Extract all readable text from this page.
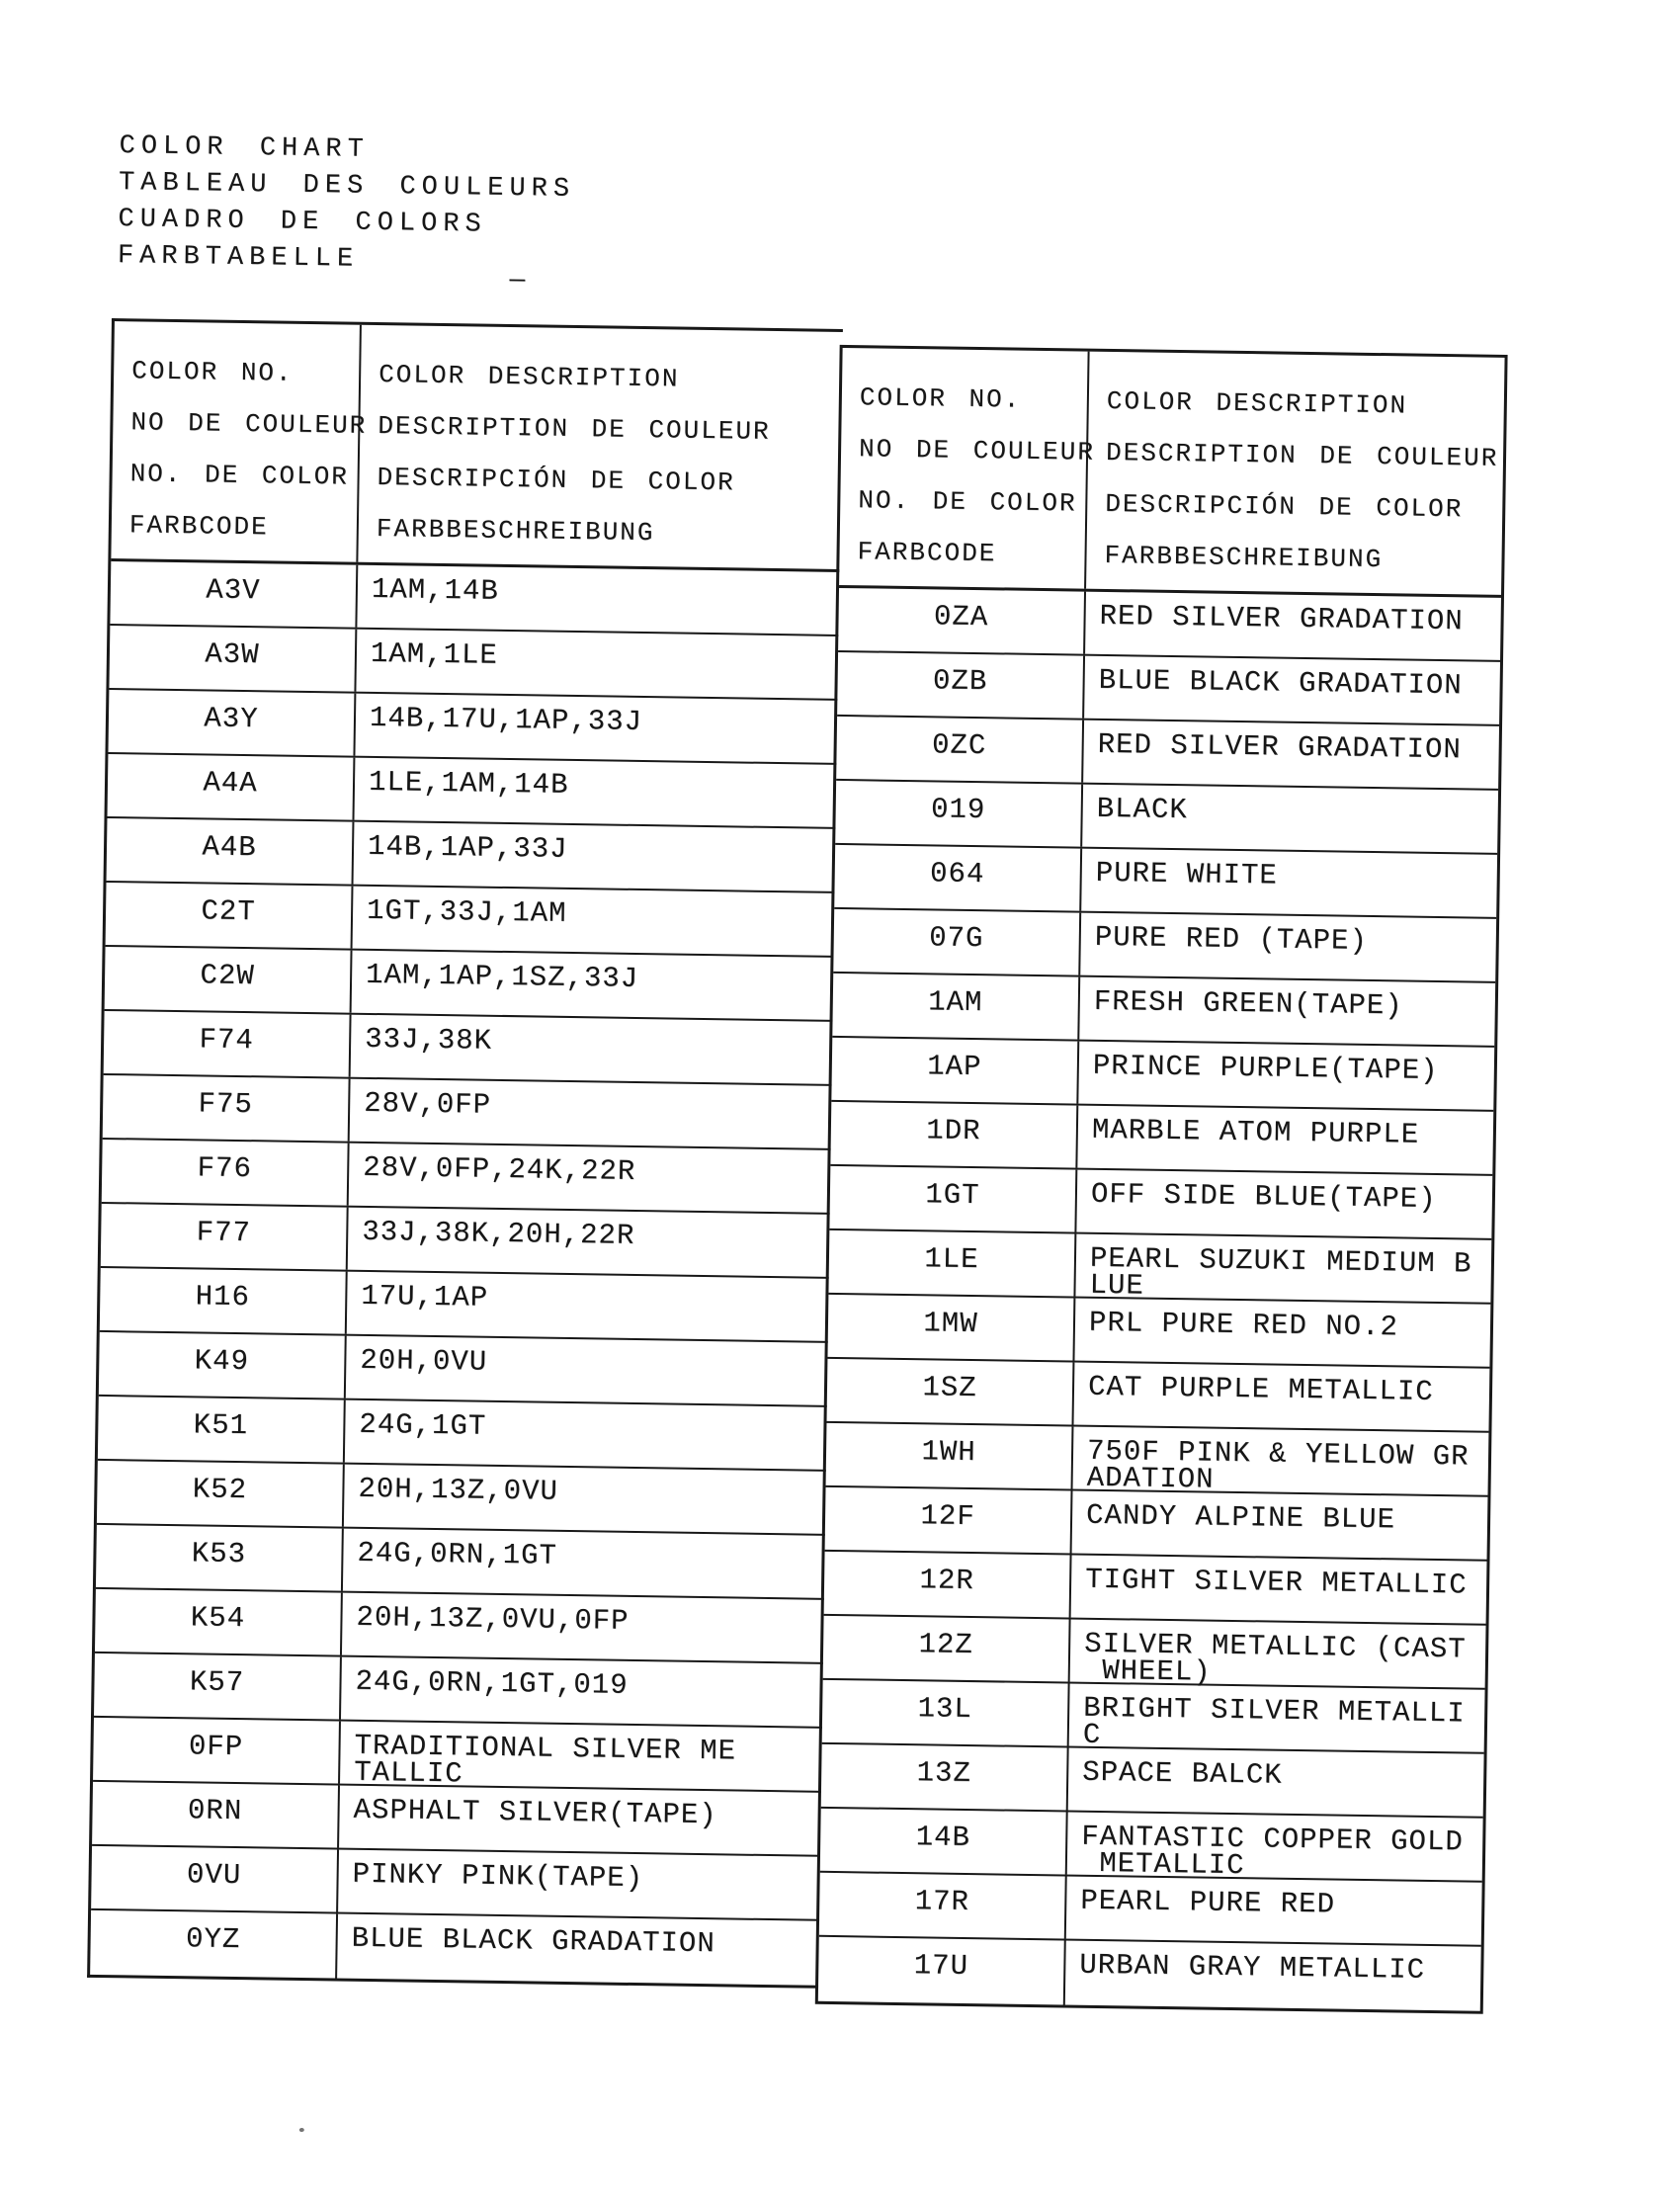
COLOR CHART
TABLEAU DES COULEURS
CUADRO DE COLORS
FARBTABELLE
—
COLOR NO.
NO DE COULEUR
NO. DE COLOR
FARBCODE
COLOR DESCRIPTION
DESCRIPTION DE COULEUR
DESCRIPCIÓN DE COLOR
FARBBESCHREIBUNG
A3V	1AM,14B
A3W	1AM,1LE
A3Y	14B,17U,1AP,33J
A4A	1LE,1AM,14B
A4B	14B,1AP,33J
C2T	1GT,33J,1AM
C2W	1AM,1AP,1SZ,33J
F74	33J,38K
F75	28V,0FP
F76	28V,0FP,24K,22R
F77	33J,38K,20H,22R
H16	17U,1AP
K49	20H,0VU
K51	24G,1GT
K52	20H,13Z,0VU
K53	24G,0RN,1GT
K54	20H,13Z,0VU,0FP
K57	24G,0RN,1GT,019
0FP	TRADITIONAL SILVER ME
TALLIC
0RN	ASPHALT SILVER(TAPE)
0VU	PINKY PINK(TAPE)
0YZ	BLUE BLACK GRADATION
COLOR NO.
NO DE COULEUR
NO. DE COLOR
FARBCODE
COLOR DESCRIPTION
DESCRIPTION DE COULEUR
DESCRIPCIÓN DE COLOR
FARBBESCHREIBUNG
0ZA	RED SILVER GRADATION
0ZB	BLUE BLACK GRADATION
0ZC	RED SILVER GRADATION
019	BLACK
064	PURE WHITE
07G	PURE RED (TAPE)
1AM	FRESH GREEN(TAPE)
1AP	PRINCE PURPLE(TAPE)
1DR	MARBLE ATOM PURPLE
1GT	OFF SIDE BLUE(TAPE)
1LE	PEARL SUZUKI MEDIUM B
LUE
1MW	PRL PURE RED NO.2
1SZ	CAT PURPLE METALLIC
1WH	750F PINK & YELLOW GR
ADATION
12F	CANDY ALPINE BLUE
12R	TIGHT SILVER METALLIC
12Z	SILVER METALLIC (CAST
WHEEL)
13L	BRIGHT SILVER METALLI
C
13Z	SPACE BALCK
14B	FANTASTIC COPPER GOLD
METALLIC
17R	PEARL PURE RED
17U	URBAN GRAY METALLIC
